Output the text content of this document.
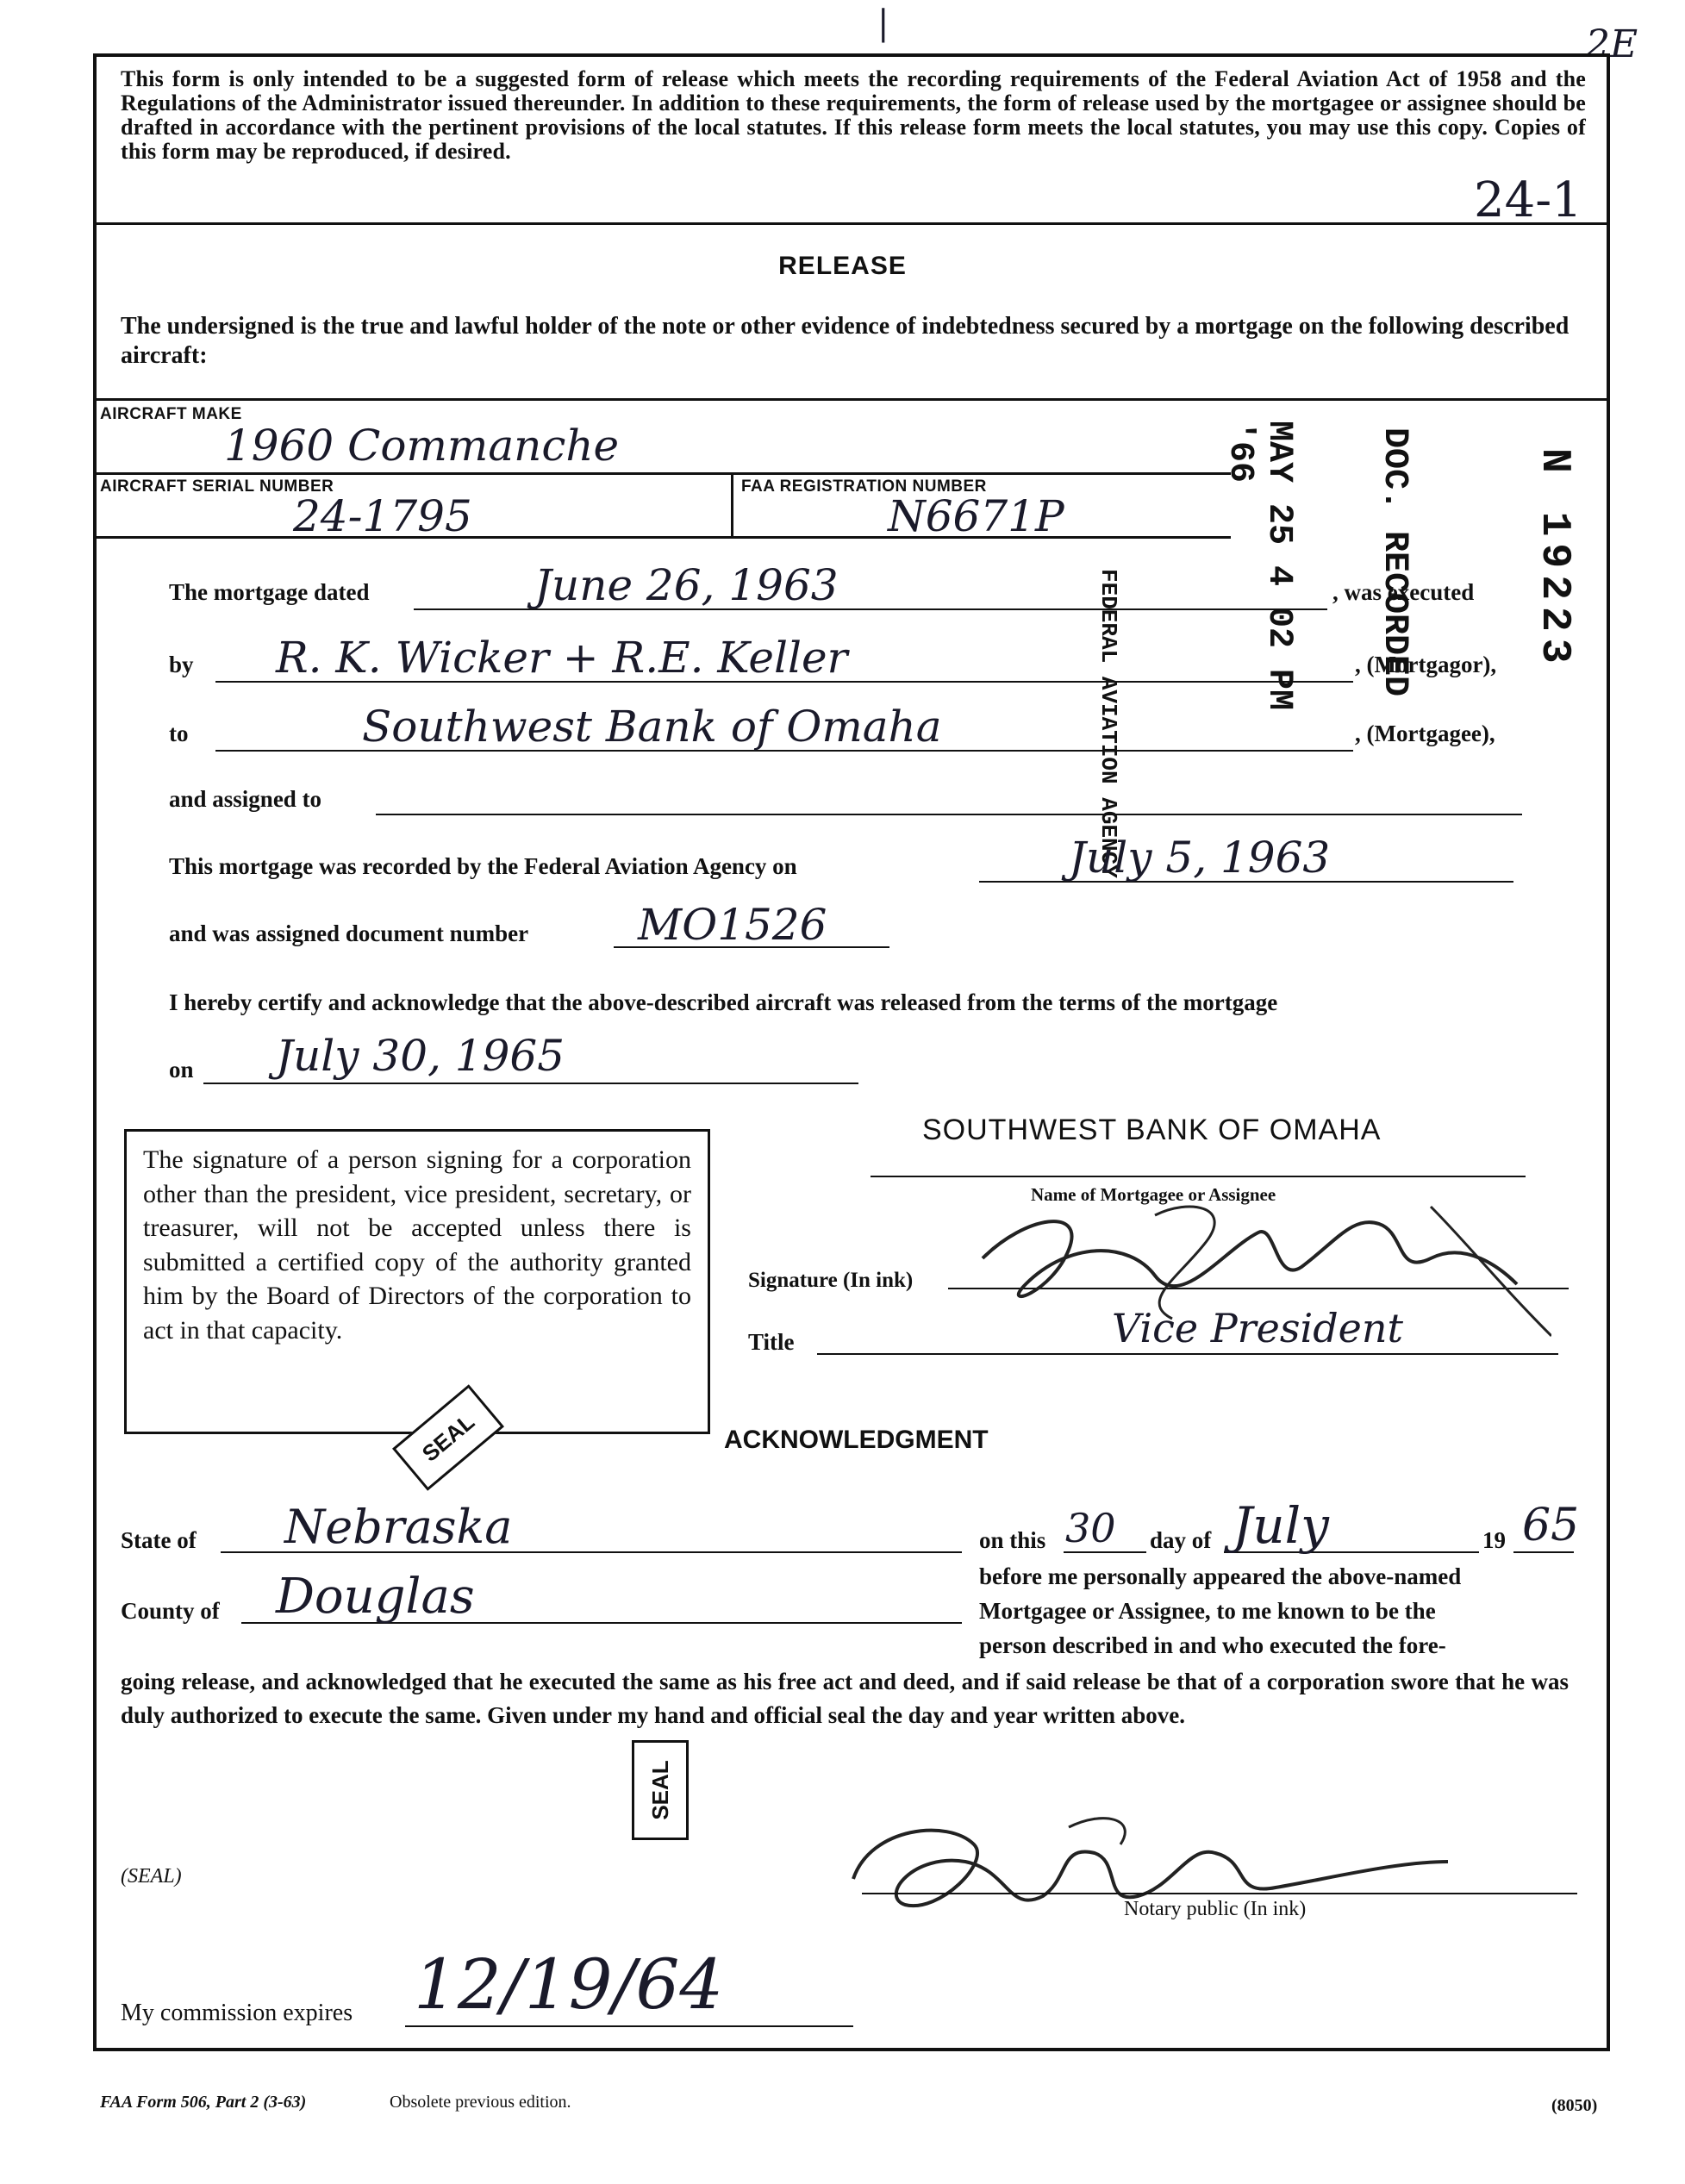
|	2E
This form is only intended to be a suggested form of release which meets the recording requirements of the Federal Aviation Act of 1958 and the Regulations of the Administrator issued thereunder. In addition to these requirements, the form of release used by the mortgagee or assignee should be drafted in accordance with the pertinent provisions of the local statutes. If this release form meets the local statutes, you may use this copy. Copies of this form may be reproduced, if desired.
24-1
RELEASE
The undersigned is the true and lawful holder of the note or other evidence of indebtedness secured by a mortgage on the following described aircraft:
AIRCRAFT MAKE
1960 Commanche
AIRCRAFT SERIAL NUMBER
24-1795
FAA REGISTRATION NUMBER
N6671P
FEDERAL AVIATION AGENCY
MAY 25 4 02 PM '66	DOC. RECORDED	N 19223
The mortgage dated	June 26, 1963	, was executed
by R. K. Wicker + R.E. Keller	, (Mortgagor),
to	Southwest Bank of Omaha	, (Mortgagee),
and assigned to
This mortgage was recorded by the Federal Aviation Agency on	July 5, 1963
and was assigned document number	MO1526
I hereby certify and acknowledge that the above-described aircraft was released from the terms of the mortgage
on July 30, 1965
The signature of a person signing for a corporation other than the president, vice president, secretary, or treasurer, will not be accepted unless there is submitted a certified copy of the authority granted him by the Board of Directors of the corporation to act in that capacity.
SOUTHWEST BANK OF OMAHA
Name of Mortgagee or Assignee
Signature (In ink)
Title	Vice President
SEAL
SEAL
ACKNOWLEDGMENT
State of Nebraska	on this 30 day of July	19 65
before me personally appeared the above-named
County of Douglas	Mortgagee or Assignee, to me known to be the
person described in and who executed the fore-
going release, and acknowledged that he executed the same as his free act and deed, and if said release be that of a corporation swore that he was duly authorized to execute the same. Given under my hand and official seal the day and year written above.
(SEAL)
Notary public (In ink)
My commission expires 12/19/64
FAA Form 506, Part 2 (3-63)	Obsolete previous edition.	(8050)
